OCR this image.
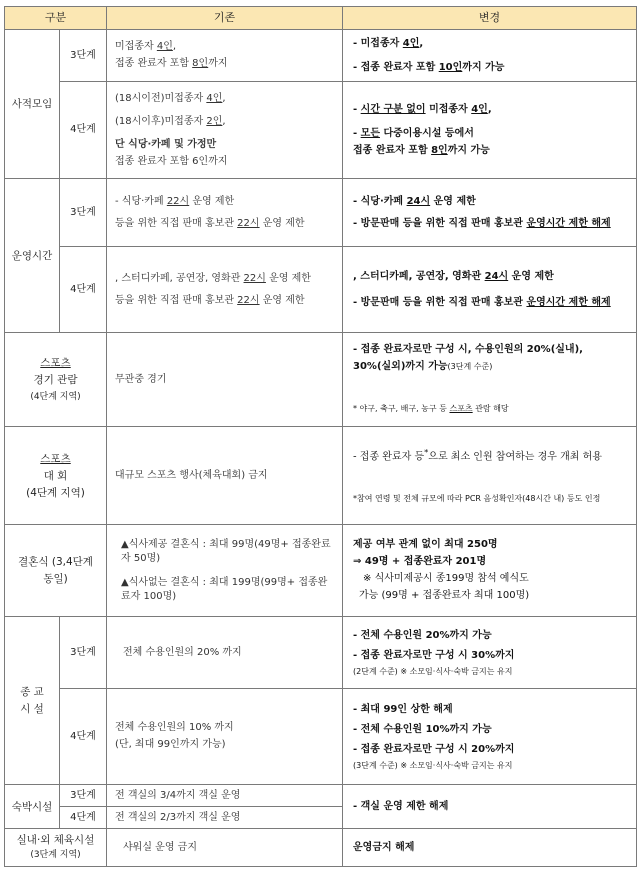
구분		기존	변경
사적모임	3단계	미접종자 4인,
접종 완료자 포함 8인까지	- 미접종자 4인,
- 접종 완료자 포함 10인까지 가능

	4단계	(18시이전)미접종자 4인,
(18시이후)미접종자 2인,
단 식당·카페 및 가정만
접종 완료자 포함 6인까지	- 시간 구분 없이 미접종자 4인,
- 모든 다중이용시설 등에서
접종 완료자 포함 8인까지 가능

운영시간	3단계	- 식당·카페 22시 운영 제한
등을 위한 직접 판매 홍보관 22시 운영 제한	- 식당·카페 24시 운영 제한
- 방문판매 등을 위한 직접 판매 홍보관 운영시간 제한 해제

	4단계	, 스터디카페, 공연장, 영화관 22시 운영 제한
등을 위한 직접 판매 홍보관 22시 운영 제한	, 스터디카페, 공연장, 영화관 24시 운영 제한
- 방문판매 등을 위한 직접 판매 홍보관 운영시간 제한 해제

스포츠
경기 관람
(4단계 지역)		무관중 경기	- 접종 완료자로만 구성 시, 수용인원의 20%(실내),
30%(실외)까지 가능(3단계 수준)
* 야구, 축구, 배구, 농구 등 스포츠 관람 해당

스포츠
대 회
(4단계 지역)		대규모 스포츠 행사(체육대회) 금지	- 접종 완료자 등*으로 최소 인원 참여하는 경우 개최 허용
*참여 연령 및 전체 규모에 따라 PCR 음성확인자(48시간 내) 등도 인정

결혼식 (3,4단계
동일)		▲식사제공 결혼식 : 최대 99명(49명+ 접종완료자 50명)
▲식사없는 결혼식 : 최대 199명(99명+ 접종완료자 100명)	제공 여부 관계 없이 최대 250명
⇒ 49명 + 접종완료자 201명
※ 식사미제공시 종199명 참석 예식도
가능 (99명 + 접종완료자 최대 100명)

종 교
시 설	3단계	전체 수용인원의 20% 까지	- 전체 수용인원 20%까지 가능
- 접종 완료자로만 구성 시 30%까지
(2단계 수준) ※ 소모임·식사·숙박 금지는 유지

	4단계	전체 수용인원의 10% 까지
(단, 최대 99인까지 가능)	- 최대 99인 상한 해제
- 전체 수용인원 10%까지 가능
- 접종 완료자로만 구성 시 20%까지
(3단계 수준) ※ 소모임·식사·숙박 금지는 유지

숙박시설	3단계	전 객실의 3/4까지 객실 운영	- 객실 운영 제한 해제
	4단계	전 객실의 2/3까지 객실 운영	

실내·외 체육시설
(3단계 지역)		샤워실 운영 금지	운영금지 해제
